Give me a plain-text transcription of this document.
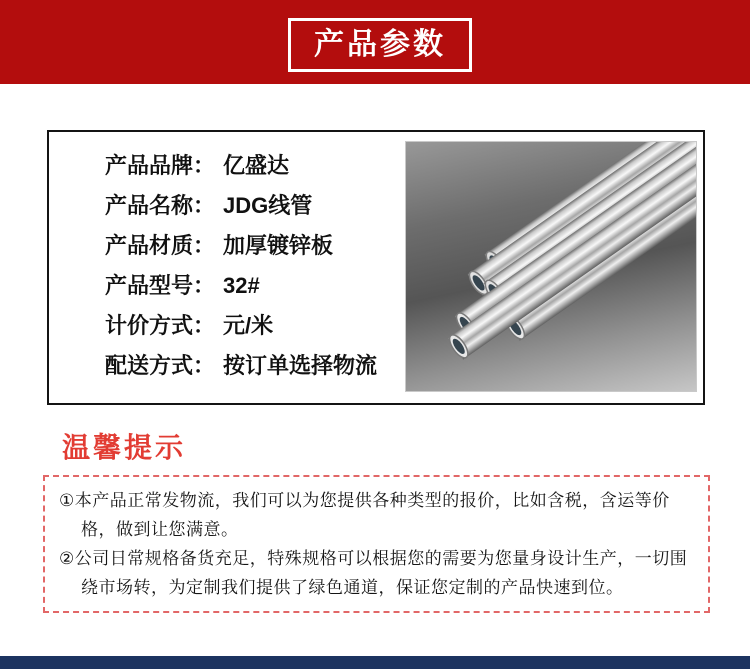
产品参数
产品品牌： 亿盛达
产品名称： JDG线管
产品材质： 加厚镀锌板
产品型号： 32#
计价方式： 元/米
配送方式： 按订单选择物流
温馨提示

①本产品正常发物流，我们可以为您提供各种类型的报价，比如含税，含运等价格，做到让您满意。

②公司日常规格备货充足，特殊规格可以根据您的需要为您量身设计生产，一切围绕市场转，为定制我们提供了绿色通道，保证您定制的产品快速到位。
